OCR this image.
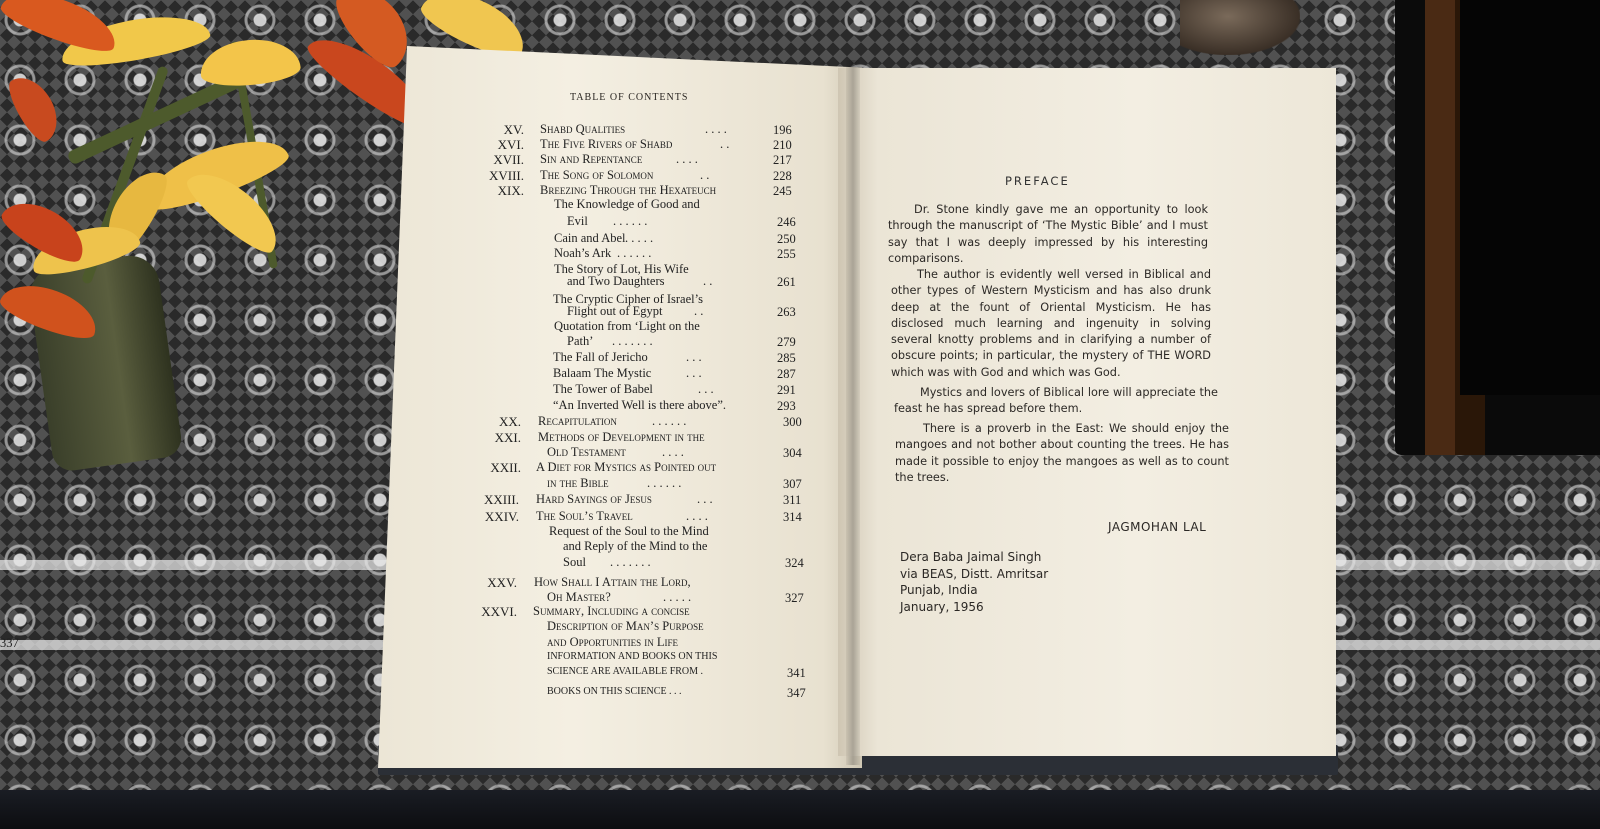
TABLE OF CONTENTS
XV. Shabd Qualities	. . . .	196
XVI. The Five Rivers of Shabd	. .	210
XVII. Sin and Repentance	. . . .	217
XVIII. The Song of Solomon	. .	228
XIX. Breezing Through the Hexateuch	245
The Knowledge of Good and
Evil . . . . . .	246
Cain and Abel . . . . .	250
Noah’s Ark . . . . . .	255
The Story of Lot, His Wife
and Two Daughters	. .	261
The Cryptic Cipher of Israel’s
Flight out of Egypt	. .	263
Quotation from ‘Light on the
Path’ . . . . . . .	279
The Fall of Jericho	. . .	285
Balaam The Mystic	. . .	287
The Tower of Babel	. . .	291
“An Inverted Well is there above”.	293
XX. Recapitulation	. . . . . .	300
XXI. Methods of Development in the
Old Testament	. . . .	304
XXII. A Diet for Mystics as Pointed out
in the Bible	. . . . . .	307
XXIII. Hard Sayings of Jesus	. . .	311
XXIV. The Soul’s Travel	. . . .	314
Request of the Soul to the Mind
and Reply of the Mind to the
Soul . . . . . . .	324
XXV. How Shall I Attain the Lord,
Oh Master?	. . . . .	327
XXVI. Summary, Including a concise
Description of Man’s Purpose
and Opportunities in Life
337
INFORMATION AND BOOKS ON THIS
SCIENCE ARE AVAILABLE FROM .	341
BOOKS ON THIS SCIENCE . . .	347
PREFACE
Dr. Stone kindly gave me an opportunity to look through the manuscript of ‘The Mystic Bible’ and I must say that I was deeply impressed by his interesting comparisons.
The author is evidently well versed in Biblical and other types of Western Mysticism and has also drunk deep at the fount of Oriental Mysticism. He has disclosed much learning and ingenuity in solving several knotty problems and in clarifying a number of obscure points; in particular, the mystery of THE WORD which was with God and which was God.
Mystics and lovers of Biblical lore will appreciate the feast he has spread before them.
There is a proverb in the East: We should enjoy the mangoes and not bother about counting the trees. He has made it possible to enjoy the mangoes as well as to count the trees.
JAGMOHAN LAL
Dera Baba Jaimal Singh
via BEAS, Distt. Amritsar
Punjab, India
January, 1956
